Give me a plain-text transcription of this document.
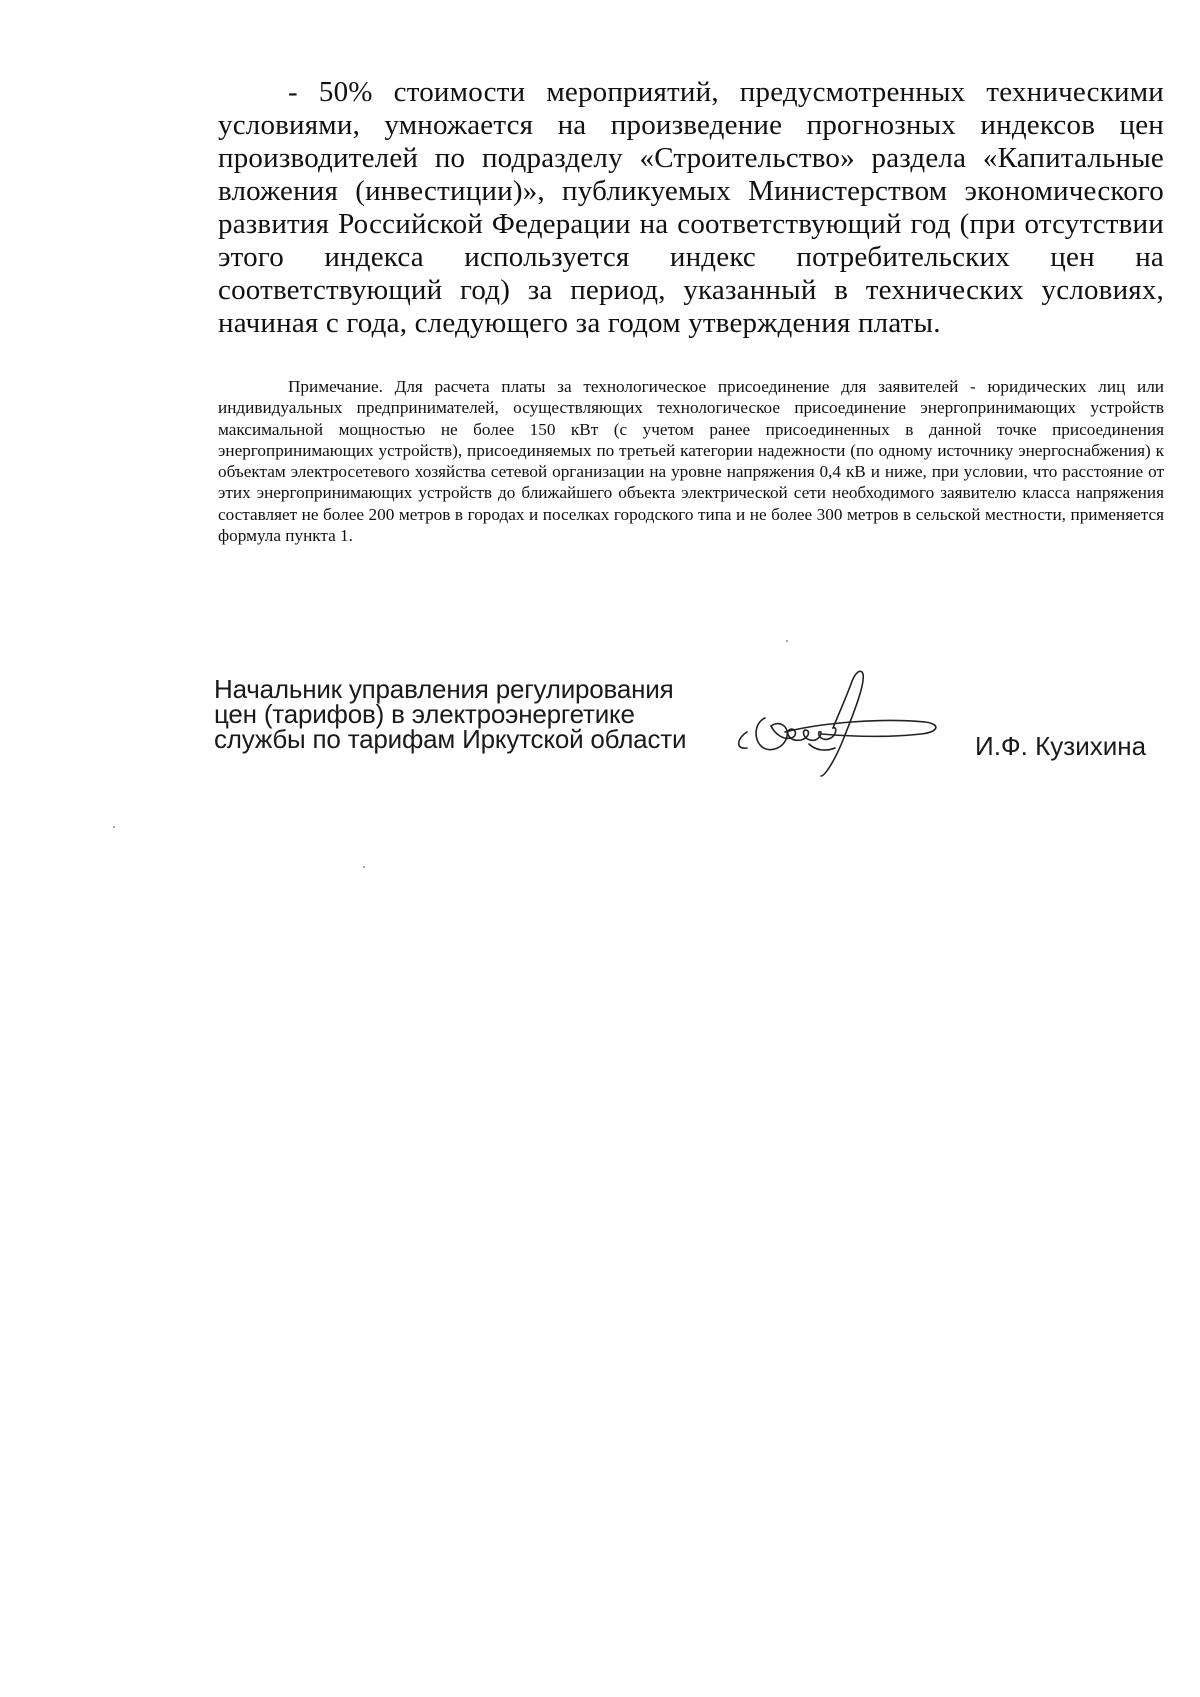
- 50% стоимости мероприятий, предусмотренных техническими условиями, умножается на произведение прогнозных индексов цен производителей по подразделу «Строительство» раздела «Капитальные вложения (инвестиции)», публикуемых Министерством экономического развития Российской Федерации на соответствующий год (при отсутствии этого индекса используется индекс потребительских цен на соответствующий год) за период, указанный в технических условиях, начиная с года, следующего за годом утверждения платы.

Примечание. Для расчета платы за технологическое присоединение для заявителей - юридических лиц или индивидуальных предпринимателей, осуществляющих технологическое присоединение энергопринимающих устройств максимальной мощностью не более 150 кВт (с учетом ранее присоединенных в данной точке присоединения энергопринимающих устройств), присоединяемых по третьей категории надежности (по одному источнику энергоснабжения) к объектам электросетевого хозяйства сетевой организации на уровне напряжения 0,4 кВ и ниже, при условии, что расстояние от этих энергопринимающих устройств до ближайшего объекта электрической сети необходимого заявителю класса напряжения составляет не более 200 метров в городах и поселках городского типа и не более 300 метров в сельской местности, применяется формула пункта 1.

Начальник управления регулирования
цен (тарифов) в электроэнергетике
службы по тарифам Иркутской области	И.Ф. Кузихина
